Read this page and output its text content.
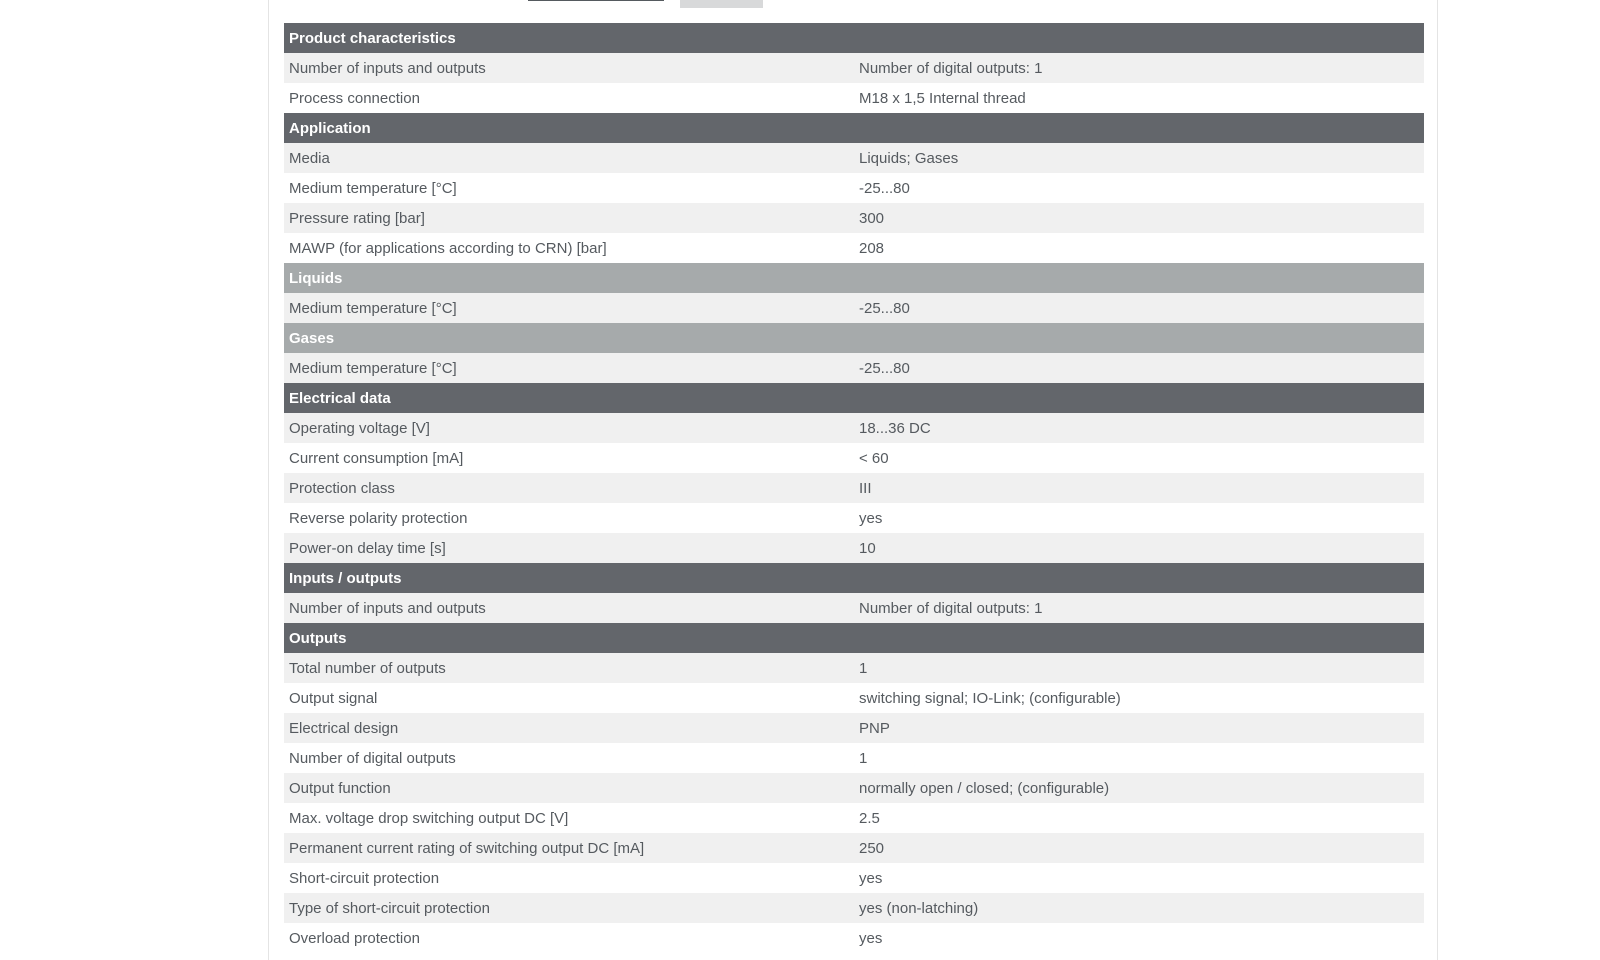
Product characteristics	
Number of inputs and outputs	Number of digital outputs: 1
Process connection	M18 x 1,5 Internal thread
Application	
Media	Liquids; Gases
Medium temperature [°C]	-25...80
Pressure rating [bar]	300
MAWP (for applications according to CRN) [bar]	208
Liquids	
Medium temperature [°C]	-25...80
Gases	
Medium temperature [°C]	-25...80
Electrical data	
Operating voltage [V]	18...36 DC
Current consumption [mA]	< 60
Protection class	III
Reverse polarity protection	yes
Power-on delay time [s]	10
Inputs / outputs	
Number of inputs and outputs	Number of digital outputs: 1
Outputs	
Total number of outputs	1
Output signal	switching signal; IO-Link; (configurable)
Electrical design	PNP
Number of digital outputs	1
Output function	normally open / closed; (configurable)
Max. voltage drop switching output DC [V]	2.5
Permanent current rating of switching output DC [mA]	250
Short-circuit protection	yes
Type of short-circuit protection	yes (non-latching)
Overload protection	yes
